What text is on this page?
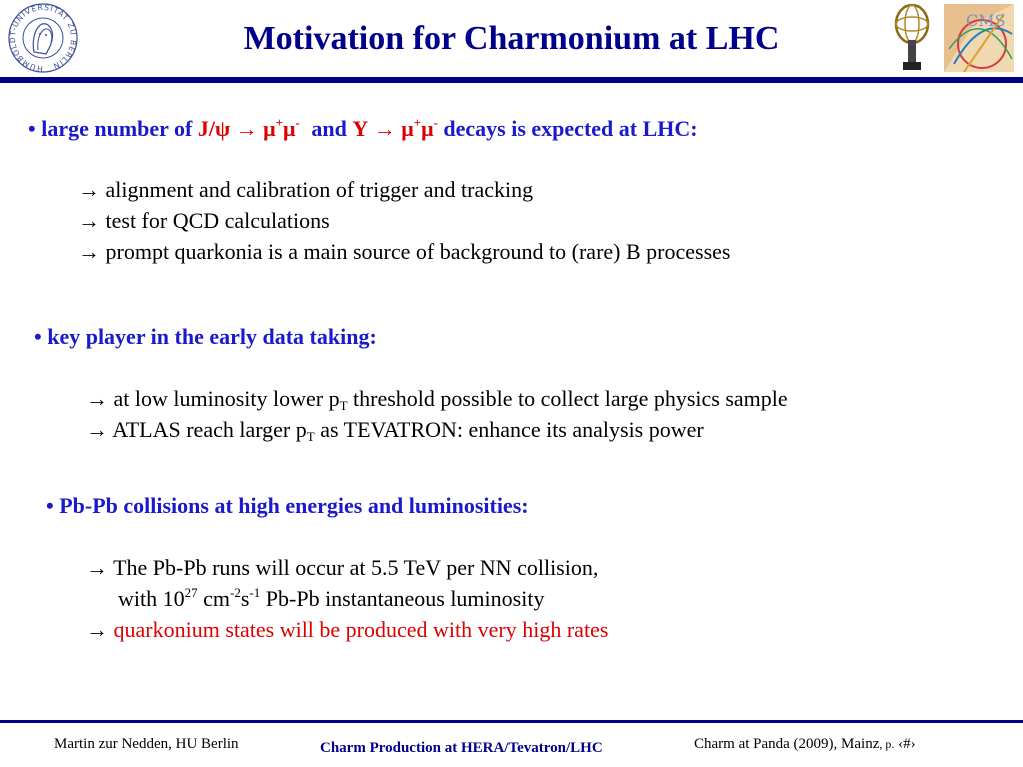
HUMBOLDT-UNIVERSITÄT ZU BERLIN
Motivation for Charmonium at LHC	CMS
• large number of J/ψ → μ+μ- and Υ → μ+μ- decays is expected at LHC:
→ alignment and calibration of trigger and tracking
→ test for QCD calculations
→ prompt quarkonia is a main source of background to (rare) B processes
• key player in the early data taking:
→ at low luminosity lower $p_T$ threshold possible to collect large physics sample
→ ATLAS reach larger $p_T$ as TEVATRON: enhance its analysis power
• Pb-Pb collisions at high energies and luminosities:
→ The Pb-Pb runs will occur at 5.5 TeV per NN collision,
with $10^{27}$ $cm^{-2}s^{-1}$ Pb-Pb instantaneous luminosity
→ quarkonium states will be produced with very high rates
Martin zur Nedden, HU Berlin	Charm Production at HERA/Tevatron/LHC	Charm at Panda (2009), Mainz, p. ‹#›
